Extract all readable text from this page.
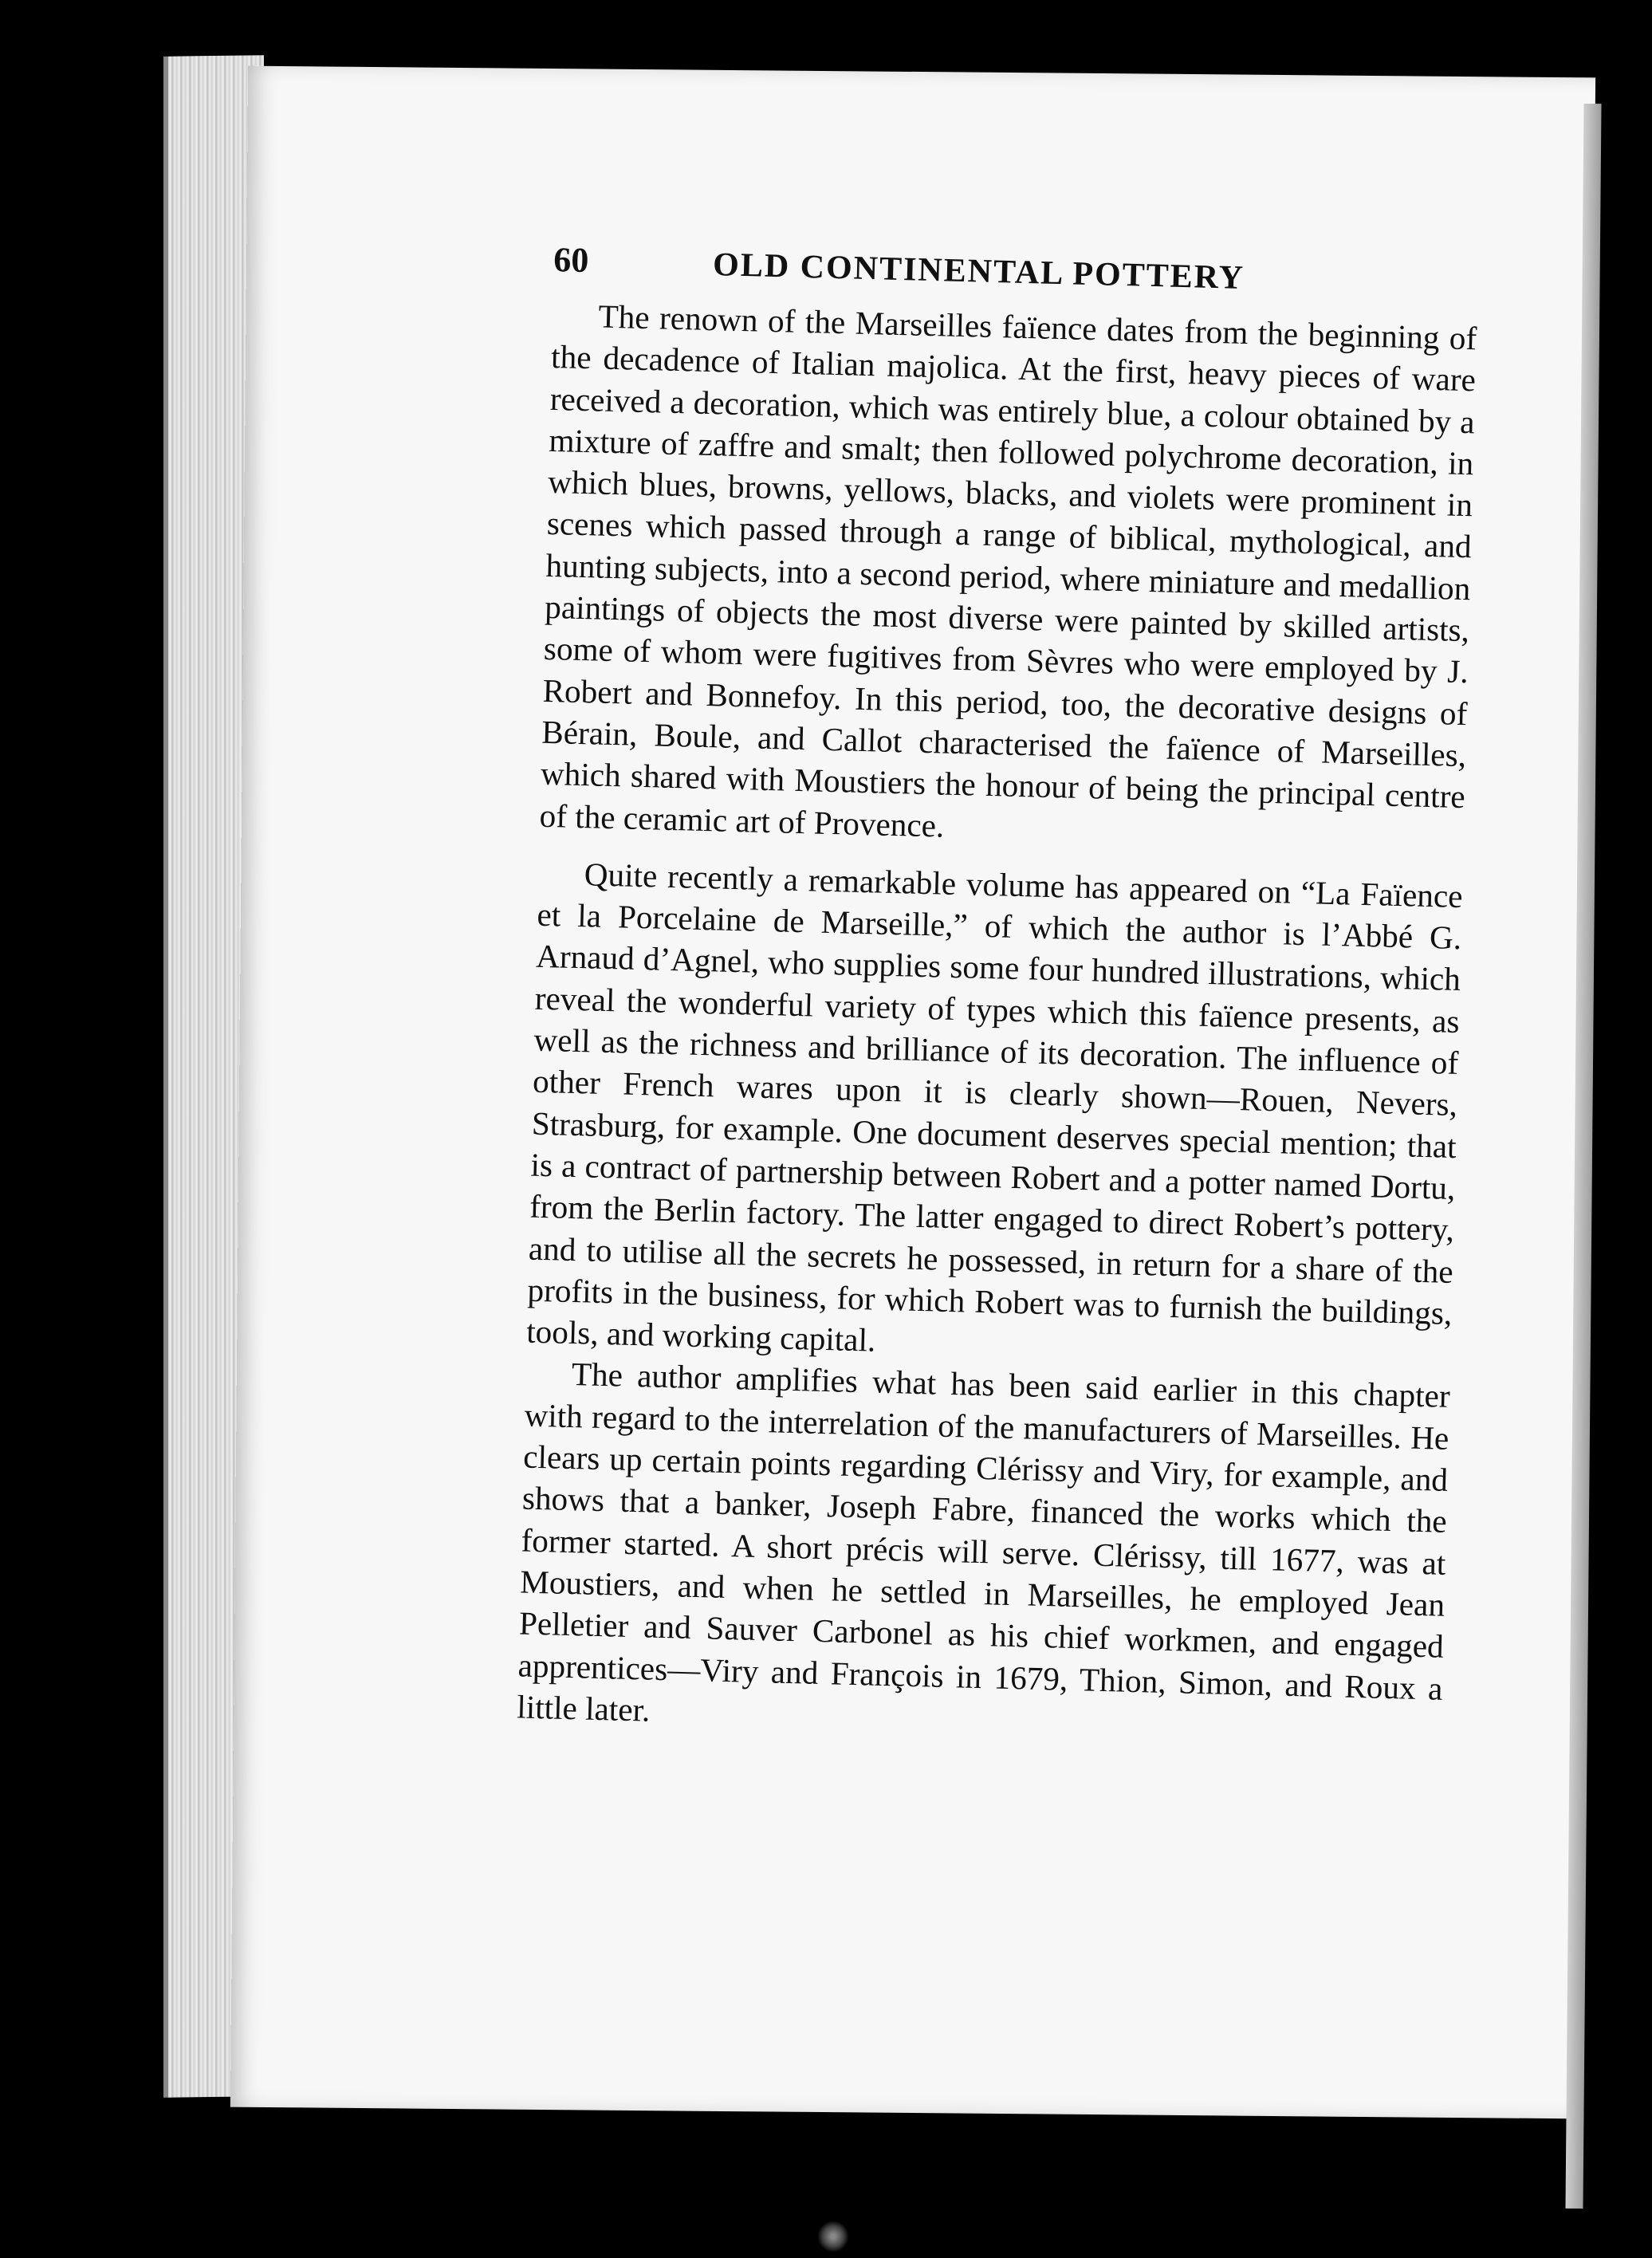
60	OLD CONTINENTAL POTTERY

The renown of the Marseilles faïence dates from the beginning of the decadence of Italian majolica. At the first, heavy pieces of ware received a decoration, which was entirely blue, a colour obtained by a mixture of zaffre and smalt; then followed polychrome decoration, in which blues, browns, yellows, blacks, and violets were prominent in scenes which passed through a range of biblical, mythological, and hunting subjects, into a second period, where miniature and medallion paintings of objects the most diverse were painted by skilled artists, some of whom were fugitives from Sèvres who were employed by J. Robert and Bonnefoy. In this period, too, the decorative designs of Bérain, Boule, and Callot characterised the faïence of Marseilles, which shared with Moustiers the honour of being the principal centre of the ceramic art of Provence.

Quite recently a remarkable volume has appeared on “La Faïence et la Porcelaine de Marseille,” of which the author is l’Abbé G. Arnaud d’Agnel, who supplies some four hundred illustrations, which reveal the wonderful variety of types which this faïence presents, as well as the richness and brilliance of its decoration. The influence of other French wares upon it is clearly shown—Rouen, Nevers, Strasburg, for example. One document deserves special mention; that is a contract of partnership between Robert and a potter named Dortu, from the Berlin factory. The latter engaged to direct Robert’s pottery, and to utilise all the secrets he possessed, in return for a share of the profits in the business, for which Robert was to furnish the buildings, tools, and working capital.

The author amplifies what has been said earlier in this chapter with regard to the interrelation of the manufacturers of Marseilles. He clears up certain points regarding Clérissy and Viry, for example, and shows that a banker, Joseph Fabre, financed the works which the former started. A short précis will serve. Clérissy, till 1677, was at Moustiers, and when he settled in Marseilles, he employed Jean Pelletier and Sauver Carbonel as his chief workmen, and engaged apprentices—Viry and François in 1679, Thion, Simon, and Roux a little later.
